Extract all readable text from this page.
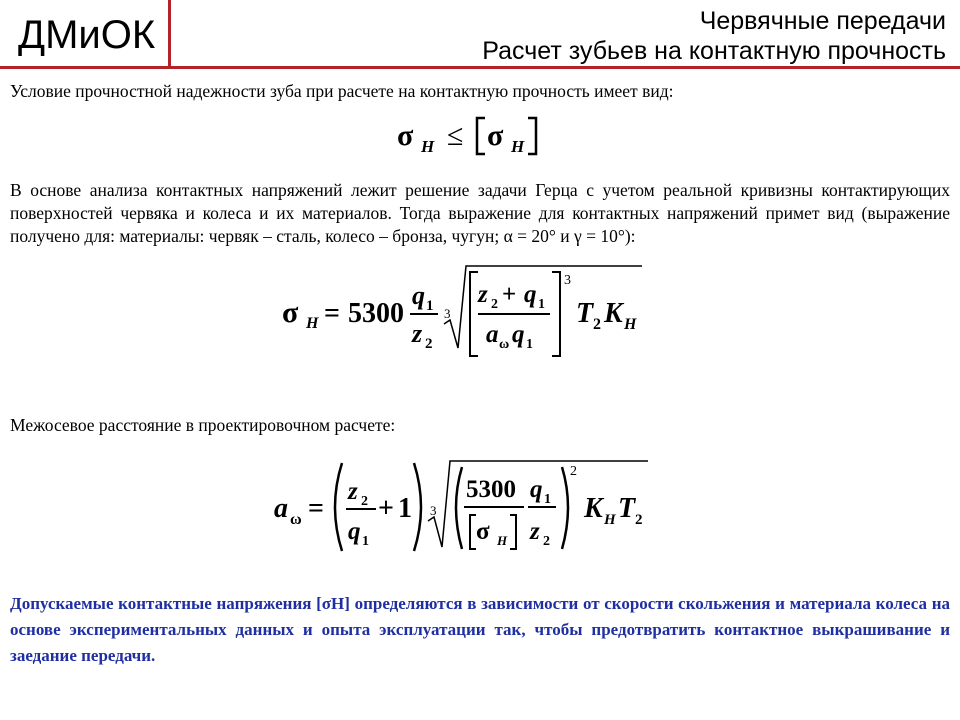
ДМиОК	Червячные передачи
Расчет зубьев на контактную прочность
Условие прочностной надежности зуба при расчете на контактную прочность имеет вид:
σ H ≤ σ H
В основе анализа контактных напряжений лежит решение задачи Герца с учетом реальной кривизны контактирующих поверхностей червяка и колеса и их материалов. Тогда выражение для контактных напряжений примет вид (выражение получено для: материалы: червяк – сталь, колесо – бронза, чугун; α = 20° и γ = 10°):
σ H = 5300
q 1
z 2
3
3
z 2 + q 1
a ω q 1
T 2 K H
Межосевое расстояние в проектировочном расчете:
a ω =
z 2
q 1
+ 1 3
5300
σ H
q 1
z 2
2
K H T 2
Допускаемые контактные напряжения [σH] определяются в зависимости от скорости скольжения и материала колеса на основе экспериментальных данных и опыта эксплуатации так, чтобы предотвратить контактное выкрашивание и заедание передачи.
